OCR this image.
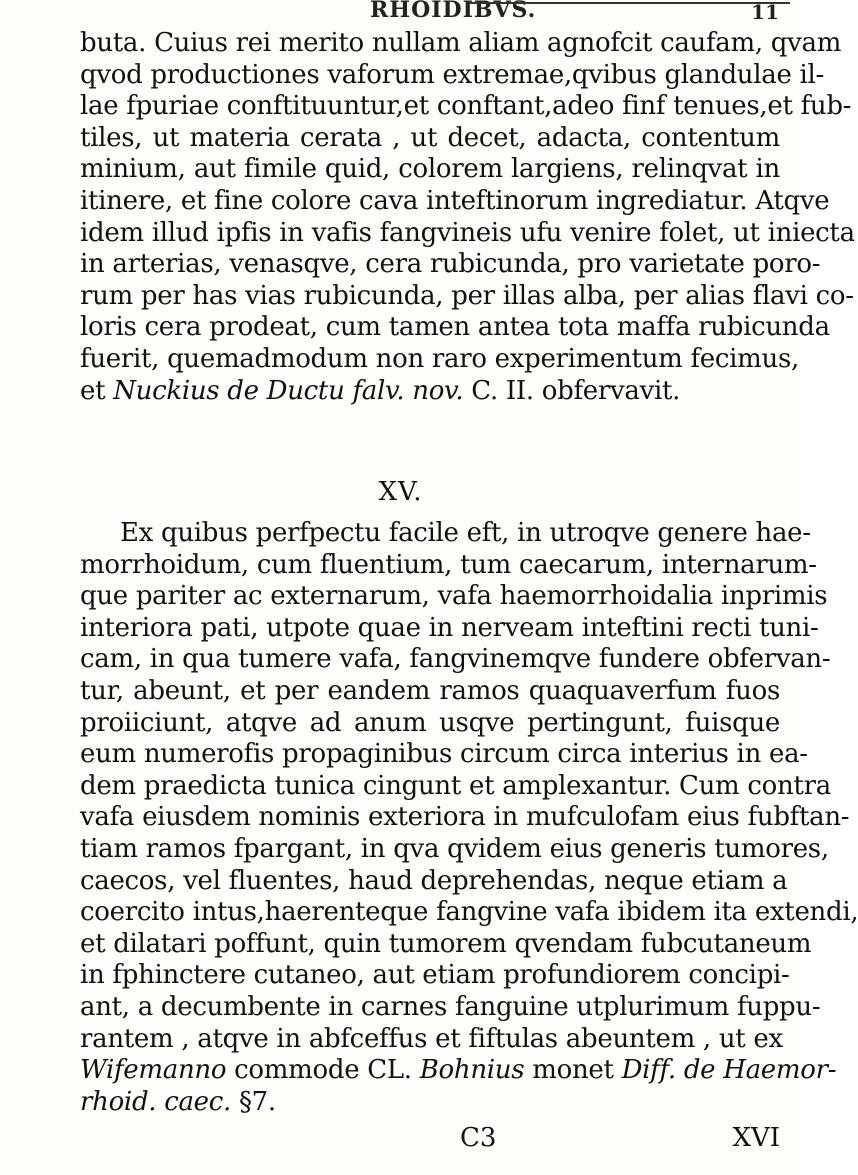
RHOIDIBVS.	11
buta. Cuius rei merito nullam aliam agnofcit caufam, qvam
qvod productiones vaforum extremae,qvibus glandulae il-
lae fpuriae conftituuntur,et conftant,adeo finf tenues,et fub-
tiles, ut materia cerata , ut decet, adacta, contentum
minium, aut fimile quid, colorem largiens, relinqvat in
itinere, et fine colore cava inteftinorum ingrediatur. Atqve
idem illud ipfis in vafis fangvineis ufu venire folet, ut iniecta
in arterias, venasqve, cera rubicunda, pro varietate poro-
rum per has vias rubicunda, per illas alba, per alias flavi co-
loris cera prodeat, cum tamen antea tota maffa rubicunda
fuerit, quemadmodum non raro experimentum fecimus,
et Nuckius de Ductu falv. nov. C. II. obfervavit.
XV.
Ex quibus perfpectu facile eft, in utroqve genere hae-
morrhoidum, cum fluentium, tum caecarum, internarum-
que pariter ac externarum, vafa haemorrhoidalia inprimis
interiora pati, utpote quae in nerveam inteftini recti tuni-
cam, in qua tumere vafa, fangvinemqve fundere obfervan-
tur, abeunt, et per eandem ramos quaquaverfum fuos
proiiciunt, atqve ad anum usqve pertingunt, fuisque
eum numerofis propaginibus circum circa interius in ea-
dem praedicta tunica cingunt et amplexantur. Cum contra
vafa eiusdem nominis exteriora in mufculofam eius fubftan-
tiam ramos fpargant, in qva qvidem eius generis tumores,
caecos, vel fluentes, haud deprehendas, neque etiam a
coercito intus,haerenteque fangvine vafa ibidem ita extendi,
et dilatari poffunt, quin tumorem qvendam fubcutaneum
in fphinctere cutaneo, aut etiam profundiorem concipi-
ant, a decumbente in carnes fanguine utplurimum fuppu-
rantem , atqve in abfceffus et fiftulas abeuntem , ut ex
Wifemanno commode CL. Bohnius monet Diff. de Haemor-
rhoid. caec. §7.
C3	XVI
